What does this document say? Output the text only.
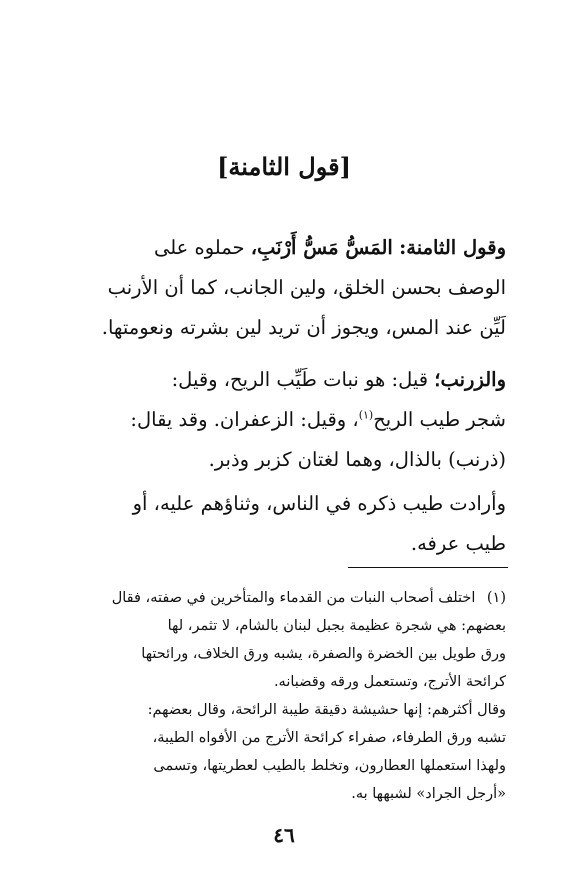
[قول الثامنة]
وقول الثامنة: المَسُّ مَسُّ أَرْنَبِ، حملوه على
الوصف بحسن الخلق، ولين الجانب، كما أن الأرنب
لَيِّن عند المس، ويجوز أن تريد لين بشرته ونعومتها.
والزرنب؛ قيل: هو نبات طَيِّب الريح، وقيل:
شجر طيب الريح$^{(١)}$، وقيل: الزعفران. وقد يقال:
(ذرنب) بالذال، وهما لغتان كزبر وذبر.
وأرادت طيب ذكره في الناس، وثناؤهم عليه، أو
طيب عرفه.
(١) اختلف أصحاب النبات من القدماء والمتأخرين في صفته، فقال
بعضهم: هي شجرة عظيمة بجبل لبنان بالشام، لا تثمر، لها
ورق طويل بين الخضرة والصفرة، يشبه ورق الخلاف، ورائحتها
كرائحة الأترج، وتستعمل ورقه وقضبانه.
وقال أكثرهم: إنها حشيشة دقيقة طيبة الرائحة، وقال بعضهم:
تشبه ورق الطرفاء، صفراء كرائحة الأترج من الأفواه الطيبة،
ولهذا استعملها العطارون، وتخلط بالطيب لعطريتها، وتسمى
«أرجل الجراد» لشبهها به.
٤٦
